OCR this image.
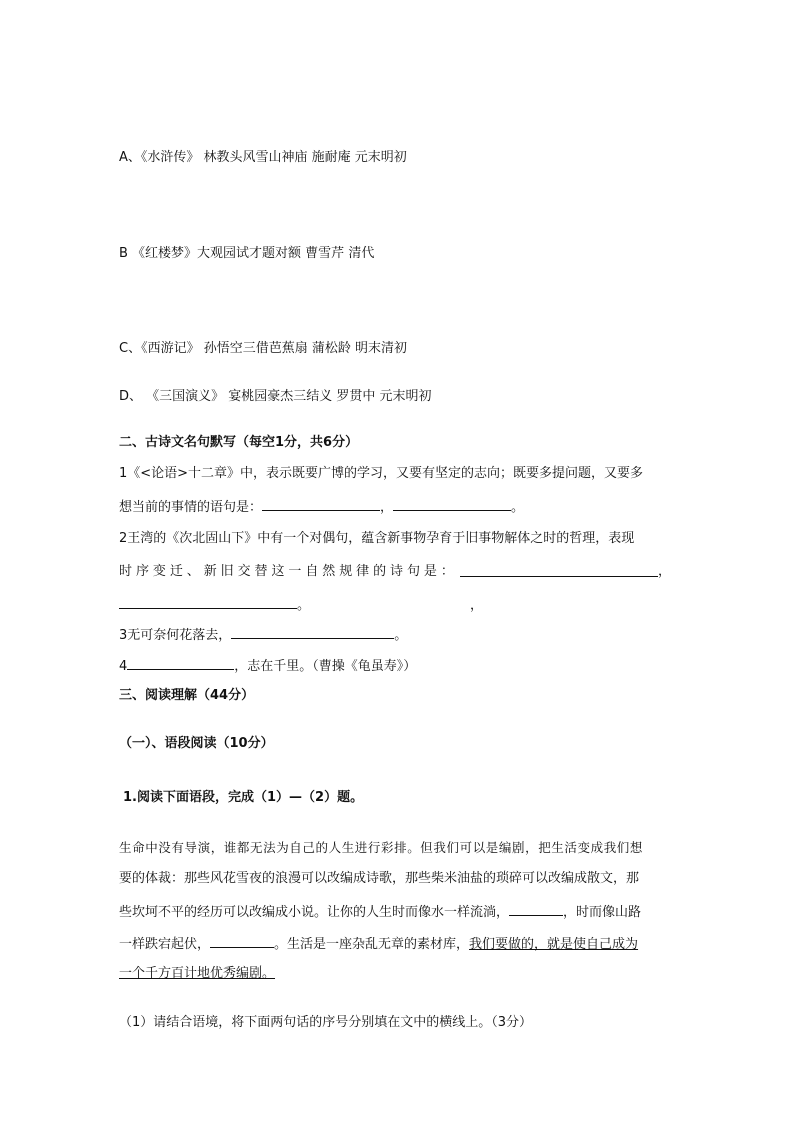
A、《水浒传》 林教头风雪山神庙 施耐庵 元末明初
B 《红楼梦》大观园试才题对额 曹雪芹 清代
C、《西游记》 孙悟空三借芭蕉扇 蒲松龄 明末清初
D、 《三国演义》 宴桃园豪杰三结义 罗贯中 元末明初
二、古诗文名句默写（每空1分，共6分）
1《<论语>十二章》中，表示既要广博的学习，又要有坚定的志向；既要多提问题，又要多
想当前的事情的语句是：	，	。
2王湾的《次北固山下》中有一个对偶句，蕴含新事物孕育于旧事物解体之时的哲理，表现
时 序 变 迁 、 新 旧 交 替 这 一 自 然 规 律 的 诗 句 是 ：	，
。	，
3无可奈何花落去，	。
4	，志在千里。（曹操《龟虽寿》）
三、阅读理解（44分）
（一）、语段阅读（10分）
1.阅读下面语段，完成（1）—（2）题。
生命中没有导演，谁都无法为自己的人生进行彩排。但我们可以是编剧，把生活变成我们想
要的体裁：那些风花雪夜的浪漫可以改编成诗歌，那些柴米油盐的琐碎可以改编成散文，那
些坎坷不平的经历可以改编成小说。让你的人生时而像水一样流淌，	，时而像山路
一样跌宕起伏，	。生活是一座杂乱无章的素材库，我们要做的，就是使自己成为
一个千方百计地优秀编剧。
（1）请结合语境，将下面两句话的序号分别填在文中的横线上。（3分）
